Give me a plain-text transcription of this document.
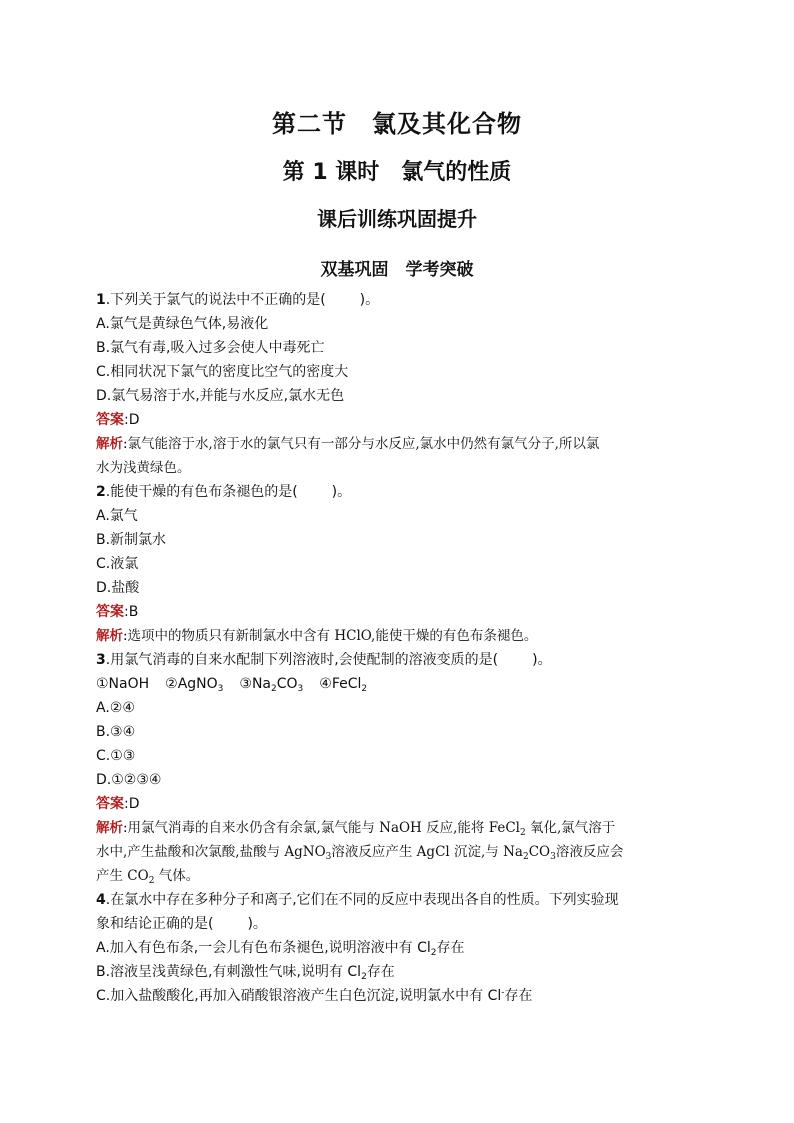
第二节　氯及其化合物
第 1 课时　氯气的性质
课后训练巩固提升
双基巩固　学考突破
1.下列关于氯气的说法中不正确的是( )。
A.氯气是黄绿色气体,易液化
B.氯气有毒,吸入过多会使人中毒死亡
C.相同状况下氯气的密度比空气的密度大
D.氯气易溶于水,并能与水反应,氯水无色
答案:D
解析:氯气能溶于水,溶于水的氯气只有一部分与水反应,氯水中仍然有氯气分子,所以氯
水为浅黄绿色。
2.能使干燥的有色布条褪色的是( )。
A.氯气
B.新制氯水
C.液氯
D.盐酸
答案:B
解析:选项中的物质只有新制氯水中含有 HClO,能使干燥的有色布条褪色。
3.用氯气消毒的自来水配制下列溶液时,会使配制的溶液变质的是( )。
①NaOH ②AgNO$_3$ $③Na_2CO_3$ ④FeCl$_2$
A.②④
B.③④
C.①③
D.①②③④
答案:D
解析:用氯气消毒的自来水仍含有余氯,氯气能与 NaOH 反应,能将 FeCl$_2$ 氧化,氯气溶于
水中,产生盐酸和次氯酸,盐酸与 AgNO$_3$溶液反应产生 AgCl 沉淀,与 $Na_2CO_3$溶液反应会
产生 $CO_2$ 气体。
4.在氯水中存在多种分子和离子,它们在不同的反应中表现出各自的性质。下列实验现
象和结论正确的是( )。
A.加入有色布条,一会儿有色布条褪色,说明溶液中有 $Cl_2$存在
B.溶液呈浅黄绿色,有刺激性气味,说明有 $Cl_2$存在
C.加入盐酸酸化,再加入硝酸银溶液产生白色沉淀,说明氯水中有 Cl-存在
